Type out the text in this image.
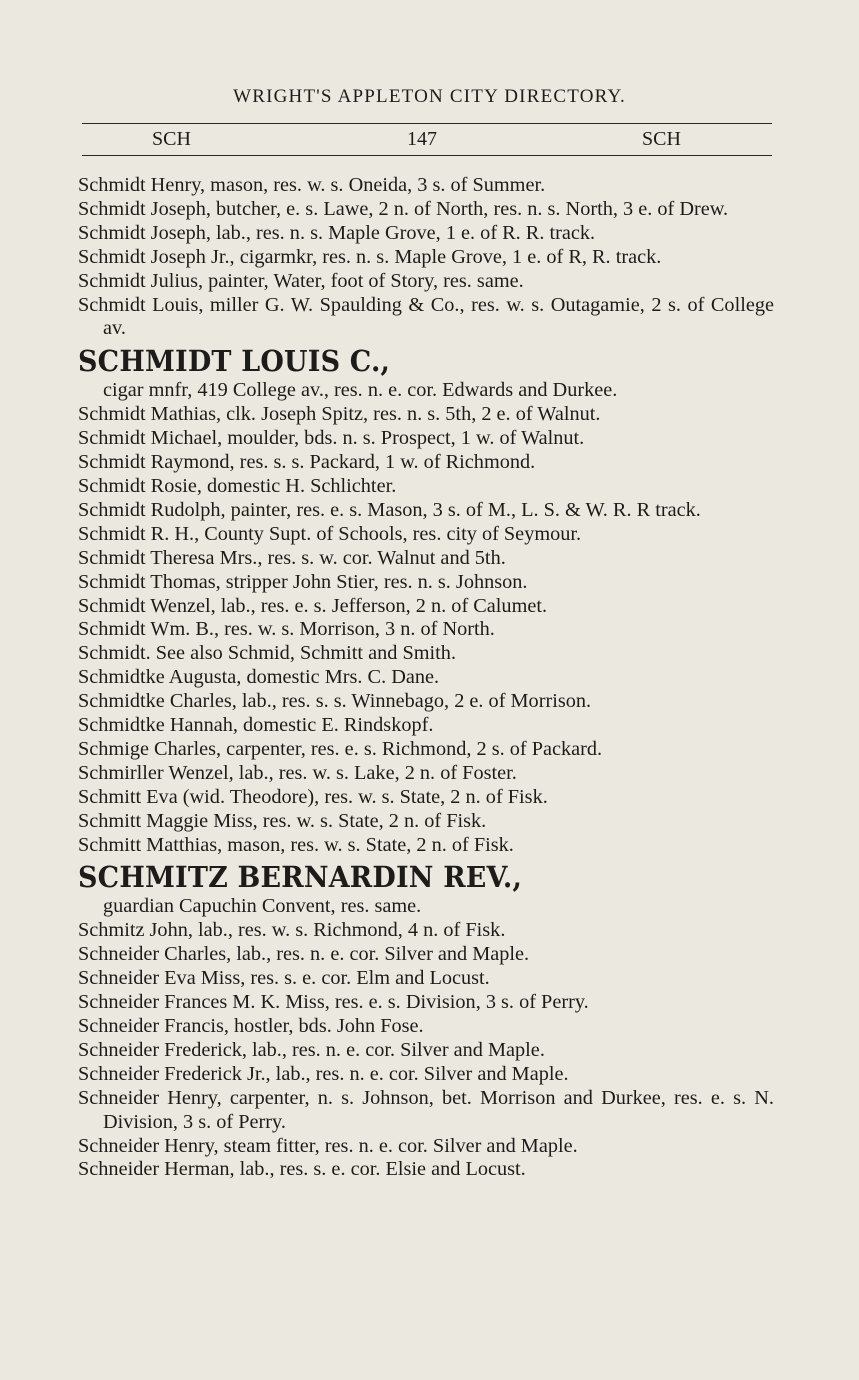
WRIGHT'S APPLETON CITY DIRECTORY.
SCH	147	SCH
Schmidt Henry, mason, res. w. s. Oneida, 3 s. of Summer.
Schmidt Joseph, butcher, e. s. Lawe, 2 n. of North, res. n. s. North, 3 e. of Drew.
Schmidt Joseph, lab., res. n. s. Maple Grove, 1 e. of R. R. track.
Schmidt Joseph Jr., cigarmkr, res. n. s. Maple Grove, 1 e. of R, R. track.
Schmidt Julius, painter, Water, foot of Story, res. same.
Schmidt Louis, miller G. W. Spaulding & Co., res. w. s. Outagamie, 2 s. of College av.
SCHMIDT LOUIS C.,
cigar mnfr, 419 College av., res. n. e. cor. Edwards and Durkee.
Schmidt Mathias, clk. Joseph Spitz, res. n. s. 5th, 2 e. of Walnut.
Schmidt Michael, moulder, bds. n. s. Prospect, 1 w. of Walnut.
Schmidt Raymond, res. s. s. Packard, 1 w. of Richmond.
Schmidt Rosie, domestic H. Schlichter.
Schmidt Rudolph, painter, res. e. s. Mason, 3 s. of M., L. S. & W. R. R track.
Schmidt R. H., County Supt. of Schools, res. city of Seymour.
Schmidt Theresa Mrs., res. s. w. cor. Walnut and 5th.
Schmidt Thomas, stripper John Stier, res. n. s. Johnson.
Schmidt Wenzel, lab., res. e. s. Jefferson, 2 n. of Calumet.
Schmidt Wm. B., res. w. s. Morrison, 3 n. of North.
Schmidt. See also Schmid, Schmitt and Smith.
Schmidtke Augusta, domestic Mrs. C. Dane.
Schmidtke Charles, lab., res. s. s. Winnebago, 2 e. of Morrison.
Schmidtke Hannah, domestic E. Rindskopf.
Schmige Charles, carpenter, res. e. s. Richmond, 2 s. of Packard.
Schmirller Wenzel, lab., res. w. s. Lake, 2 n. of Foster.
Schmitt Eva (wid. Theodore), res. w. s. State, 2 n. of Fisk.
Schmitt Maggie Miss, res. w. s. State, 2 n. of Fisk.
Schmitt Matthias, mason, res. w. s. State, 2 n. of Fisk.
SCHMITZ BERNARDIN REV.,
guardian Capuchin Convent, res. same.
Schmitz John, lab., res. w. s. Richmond, 4 n. of Fisk.
Schneider Charles, lab., res. n. e. cor. Silver and Maple.
Schneider Eva Miss, res. s. e. cor. Elm and Locust.
Schneider Frances M. K. Miss, res. e. s. Division, 3 s. of Perry.
Schneider Francis, hostler, bds. John Fose.
Schneider Frederick, lab., res. n. e. cor. Silver and Maple.
Schneider Frederick Jr., lab., res. n. e. cor. Silver and Maple.
Schneider Henry, carpenter, n. s. Johnson, bet. Morrison and Durkee, res. e. s. N. Division, 3 s. of Perry.
Schneider Henry, steam fitter, res. n. e. cor. Silver and Maple.
Schneider Herman, lab., res. s. e. cor. Elsie and Locust.
